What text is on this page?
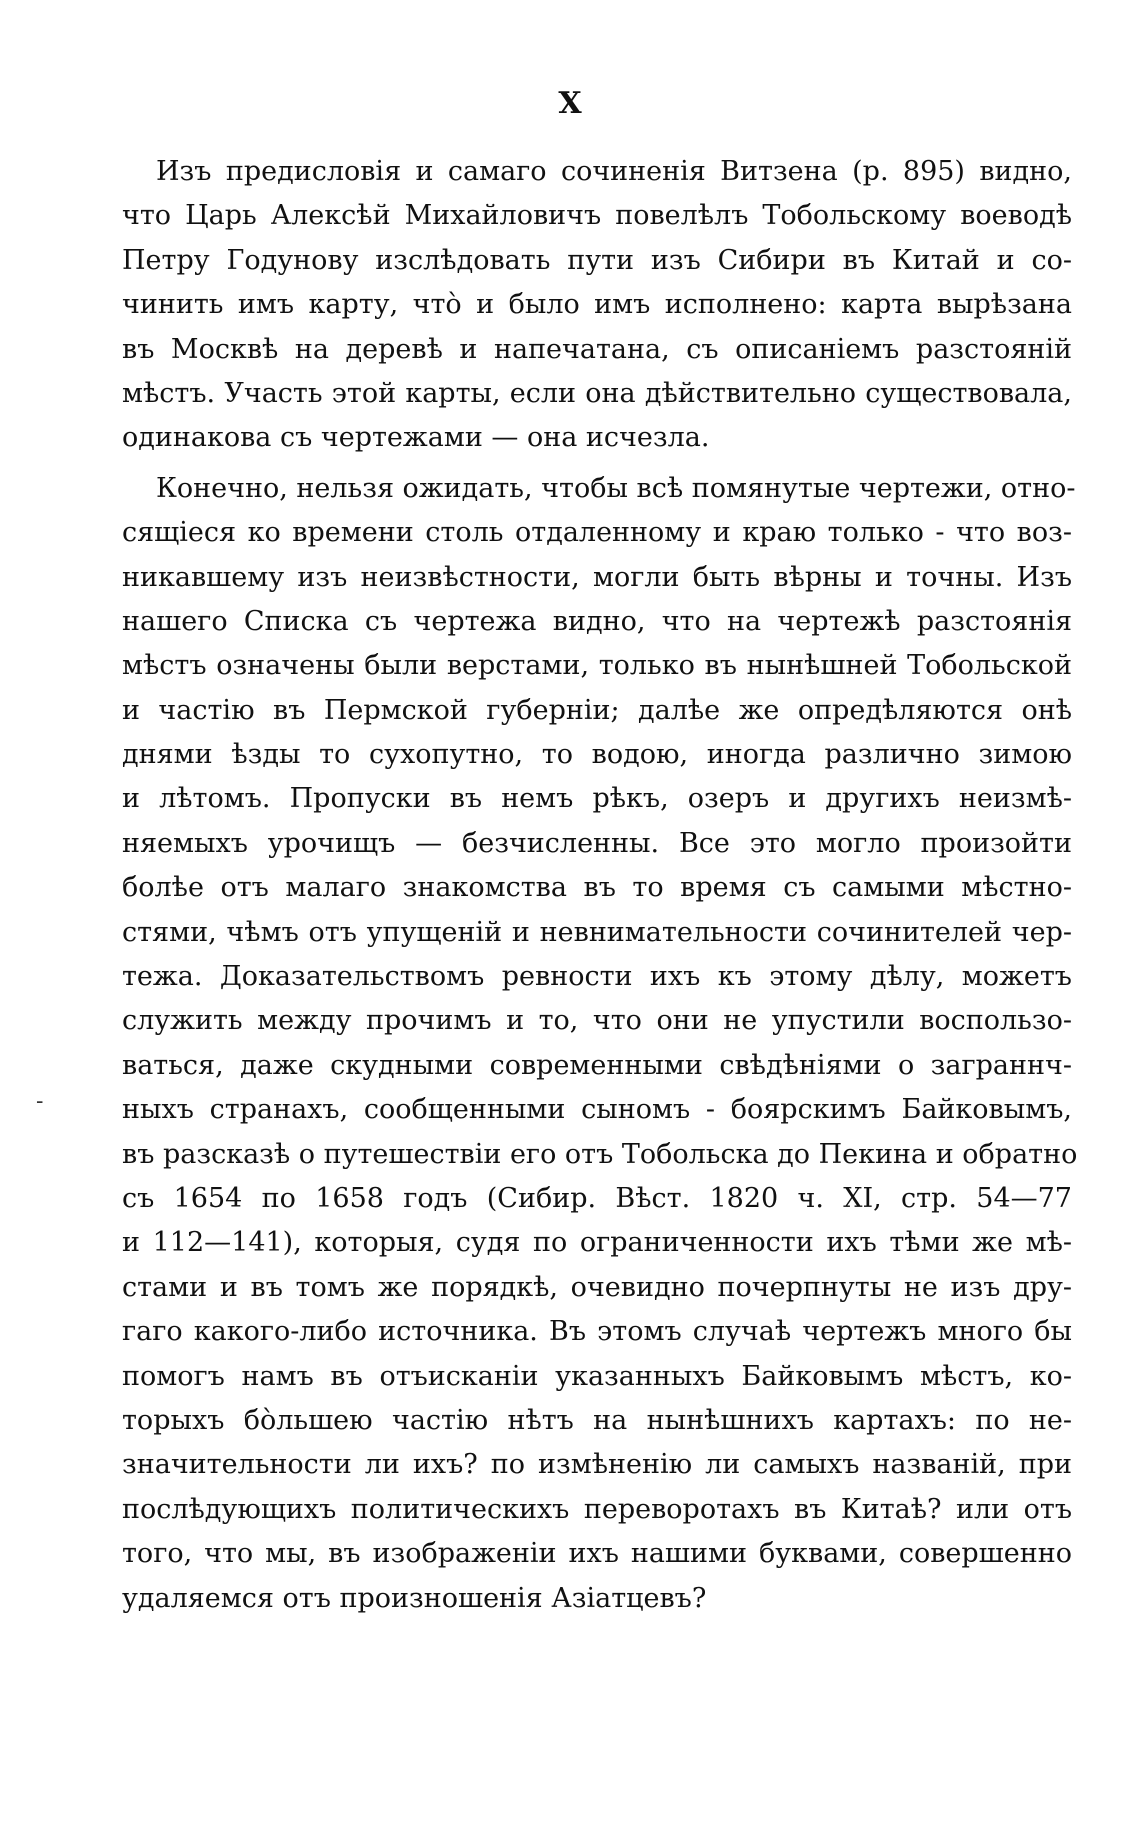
X
-
Изъ предисловія и самаго сочиненія Витзена (р. 895) видно,
что Царь Алексѣй Михайловичъ повелѣлъ Тобольскому воеводѣ
Петру Годунову изслѣдовать пути изъ Сибири въ Китай и со-
чинить имъ карту, что̀ и было имъ исполнено: карта вырѣзана
въ Москвѣ на деревѣ и напечатана, съ описаніемъ разстояній
мѣстъ. Участь этой карты, если она дѣйствительно существовала,
одинакова съ чертежами — она исчезла.
Конечно, нельзя ожидать, чтобы всѣ помянутые чертежи, отно-
сящіеся ко времени столь отдаленному и краю только - что воз-
никавшему изъ неизвѣстности, могли быть вѣрны и точны. Изъ
нашего Списка съ чертежа видно, что на чертежѣ разстоянія
мѣстъ означены были верстами, только въ нынѣшней Тобольской
и частію въ Пермской губерніи; далѣе же опредѣляются онѣ
днями ѣзды то сухопутно, то водою, иногда различно зимою
и лѣтомъ. Пропуски въ немъ рѣкъ, озеръ и другихъ неизмѣ-
няемыхъ урочищъ — безчисленны. Все это могло произойти
болѣе отъ малаго знакомства въ то время съ самыми мѣстно-
стями, чѣмъ отъ упущеній и невнимательности сочинителей чер-
тежа. Доказательствомъ ревности ихъ къ этому дѣлу, можетъ
служить между прочимъ и то, что они не упустили воспользо-
ваться, даже скудными современными свѣдѣніями о заграннч-
ныхъ странахъ, сообщенными сыномъ - боярскимъ Байковымъ,
въ разсказѣ о путешествіи его отъ Тобольска до Пекина и обратно
съ 1654 по 1658 годъ (Сибир. Вѣст. 1820 ч. XI, стр. 54—77
и 112—141), которыя, судя по ограниченности ихъ тѣми же мѣ-
стами и въ томъ же порядкѣ, очевидно почерпнуты не изъ дру-
гаго какого-либо источника. Въ этомъ случаѣ чертежъ много бы
помогъ намъ въ отъисканіи указанныхъ Байковымъ мѣстъ, ко-
торыхъ бо̀льшею частію нѣтъ на нынѣшнихъ картахъ: по не-
значительности ли ихъ? по измѣненію ли самыхъ названій, при
послѣдующихъ политическихъ переворотахъ въ Китаѣ? или отъ
того, что мы, въ изображеніи ихъ нашими буквами, совершенно
удаляемся отъ произношенія Азіатцевъ?
